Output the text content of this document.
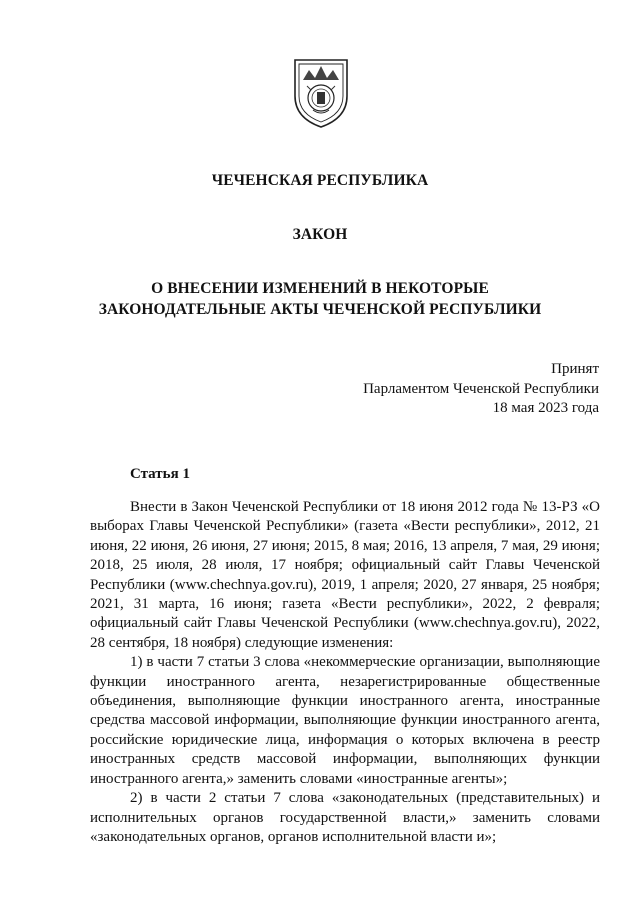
ЧЕЧЕНСКАЯ РЕСПУБЛИКА
ЗАКОН
О ВНЕСЕНИИ ИЗМЕНЕНИЙ В НЕКОТОРЫЕ
ЗАКОНОДАТЕЛЬНЫЕ АКТЫ ЧЕЧЕНСКОЙ РЕСПУБЛИКИ
Принят
Парламентом Чеченской Республики
18 мая 2023 года
Статья 1

Внести в Закон Чеченской Республики от 18 июня 2012 года № 13-РЗ «О выборах Главы Чеченской Республики» (газета «Вести республики», 2012, 21 июня, 22 июня, 26 июня, 27 июня; 2015, 8 мая; 2016, 13 апреля, 7 мая, 29 июня; 2018, 25 июля, 28 июля, 17 ноября; официальный сайт Главы Чеченской Республики (www.chechnya.gov.ru), 2019, 1 апреля; 2020, 27 января, 25 ноября; 2021, 31 марта, 16 июня; газета «Вести республики», 2022, 2 февраля; официальный сайт Главы Чеченской Республики (www.chechnya.gov.ru), 2022, 28 сентября, 18 ноября) следующие изменения:

1) в части 7 статьи 3 слова «некоммерческие организации, выполняющие функции иностранного агента, незарегистрированные общественные объединения, выполняющие функции иностранного агента, иностранные средства массовой информации, выполняющие функции иностранного агента, российские юридические лица, информация о которых включена в реестр иностранных средств массовой информации, выполняющих функции иностранного агента,» заменить словами «иностранные агенты»;

2) в части 2 статьи 7 слова «законодательных (представительных) и исполнительных органов государственной власти,» заменить словами «законодательных органов, органов исполнительной власти и»;
